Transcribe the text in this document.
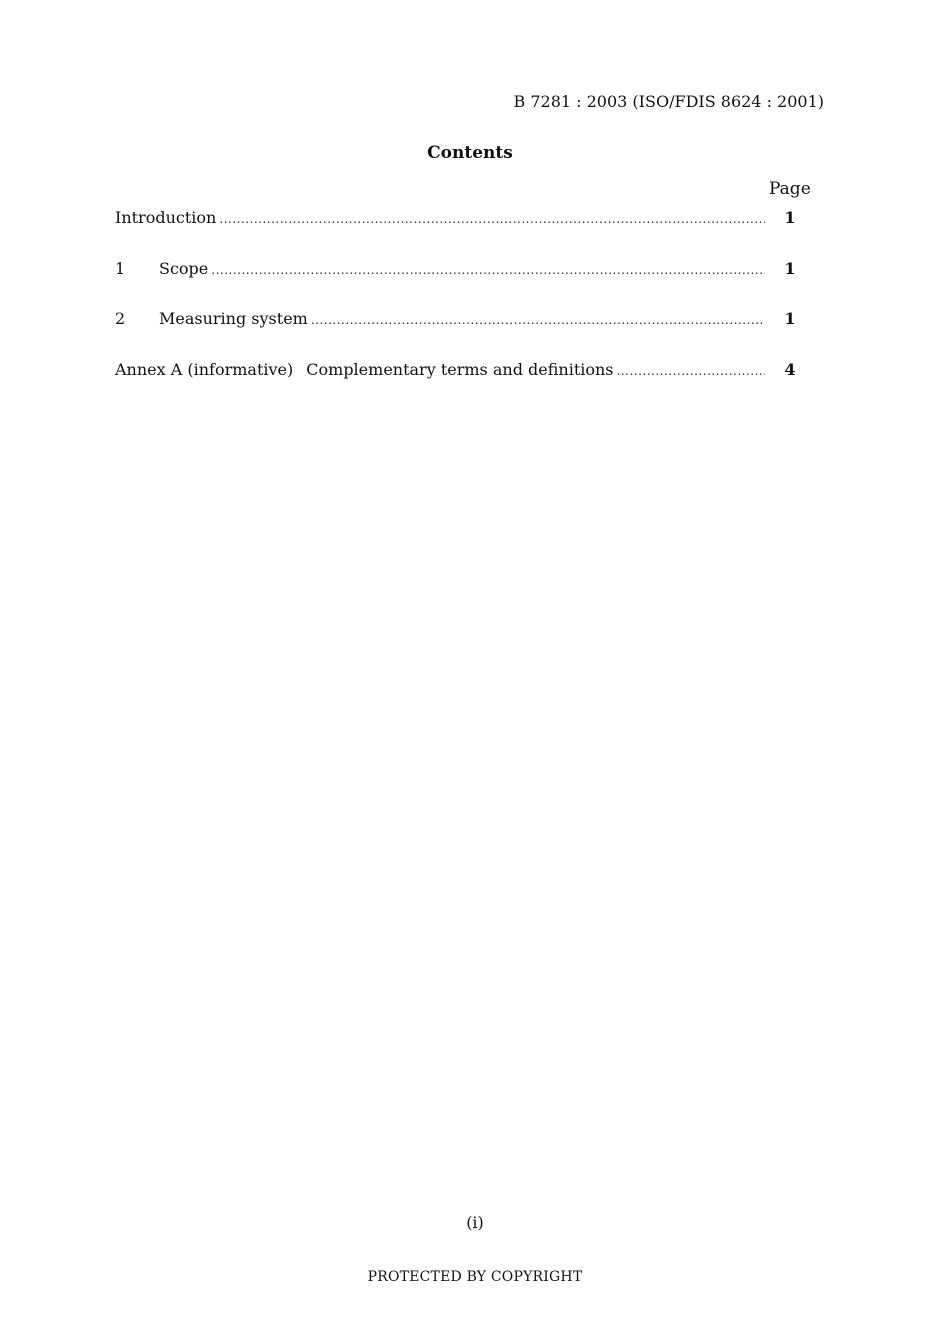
B 7281 : 2003 (ISO/FDIS 8624 : 2001)
Contents
Page
Introduction .....	1
1	Scope .....	1
2	Measuring system .....	1
Annex A (informative) Complementary terms and definitions .....	4
(i)
PROTECTED BY COPYRIGHT
